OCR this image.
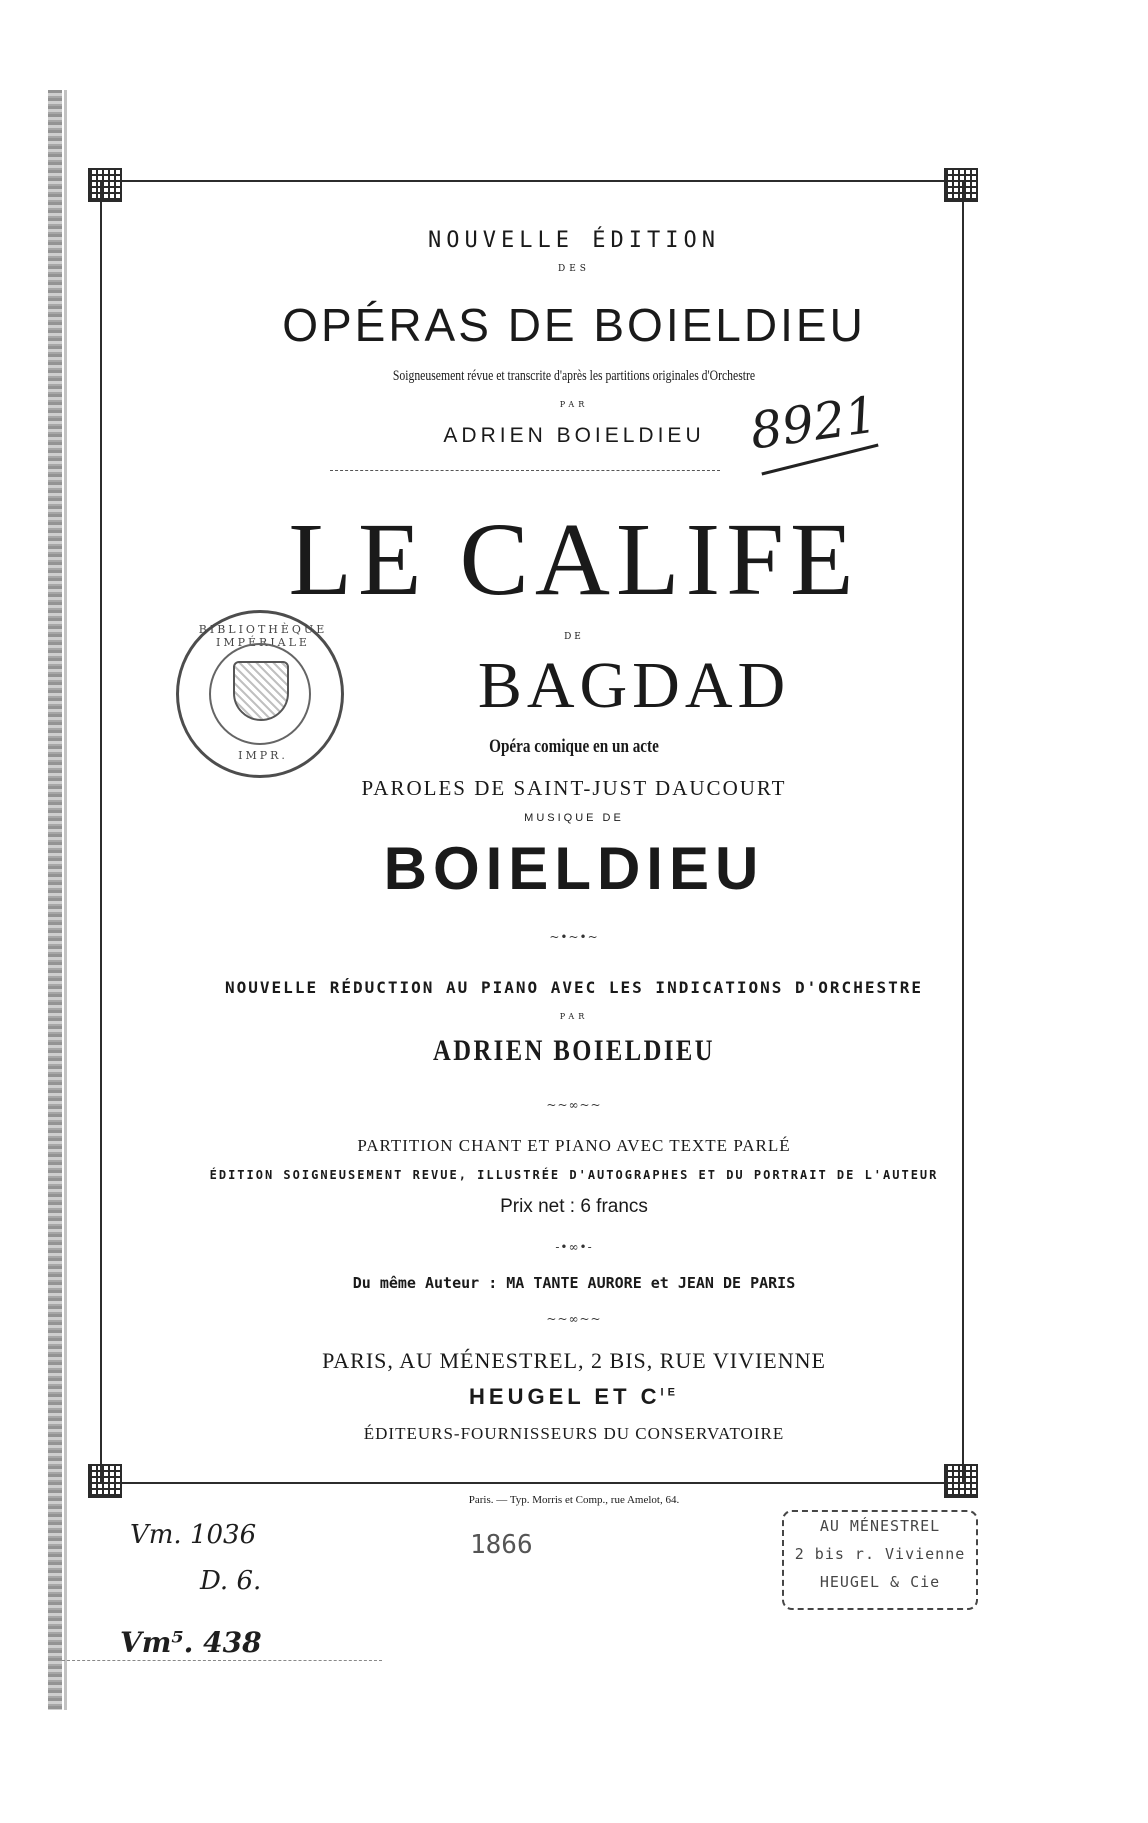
NOUVELLE ÉDITION
DES
OPÉRAS DE BOIELDIEU
Soigneusement révue et transcrite d'après les partitions originales d'Orchestre
PAR
ADRIEN BOIELDIEU 8921
LE CALIFE
DE
BAGDAD
BIBLIOTHÈQUE IMPÉRIALE
IMPR.	Opéra comique en un acte
PAROLES DE SAINT-JUST DAUCOURT
MUSIQUE DE
BOIELDIEU
~•~•~
NOUVELLE RÉDUCTION AU PIANO AVEC LES INDICATIONS D'ORCHESTRE
PAR
ADRIEN BOIELDIEU
~~∞~~
PARTITION CHANT ET PIANO AVEC TEXTE PARLÉ
ÉDITION SOIGNEUSEMENT REVUE, ILLUSTRÉE D'AUTOGRAPHES ET DU PORTRAIT DE L'AUTEUR
Prix net : 6 francs
-•∞•-
Du même Auteur : MA TANTE AURORE et JEAN DE PARIS
~~∞~~
PARIS, AU MÉNESTREL, 2 BIS, RUE VIVIENNE
HEUGEL ET $C^{IE}$
ÉDITEURS-FOURNISSEURS DU CONSERVATOIRE
Paris. — Typ. Morris et Comp., rue Amelot, 64.
Vm. 1036
D. 6.
Vm⁵. 438
1866
AU MÉNESTREL
2 bis r. Vivienne
HEUGEL & Cie
